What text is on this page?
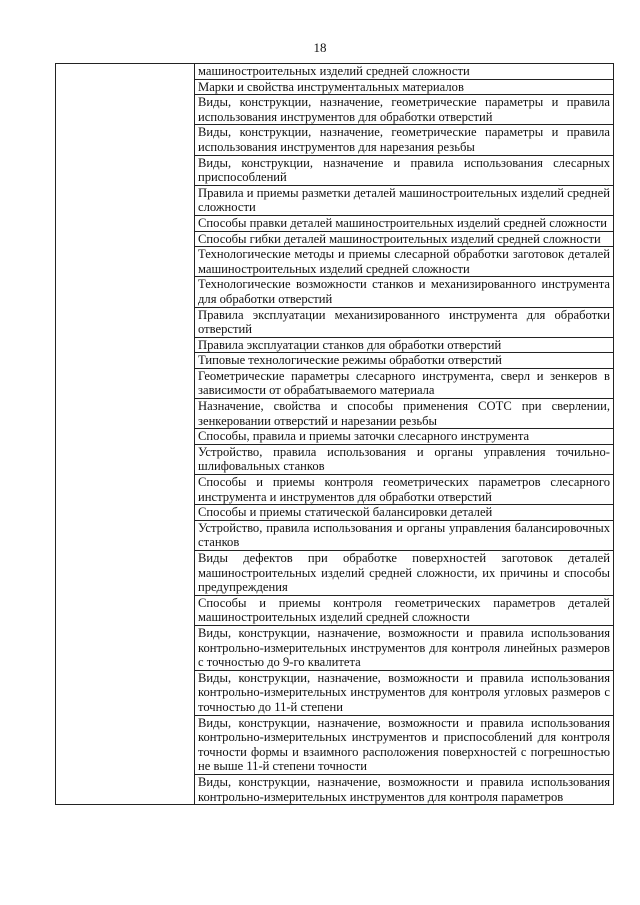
18
	машиностроительных изделий средней сложности
Марки и свойства инструментальных материалов
Виды, конструкции, назначение, геометрические параметры и правила использования инструментов для обработки отверстий
Виды, конструкции, назначение, геометрические параметры и правила использования инструментов для нарезания резьбы
Виды, конструкции, назначение и правила использования слесарных приспособлений
Правила и приемы разметки деталей машиностроительных изделий средней сложности
Способы правки деталей машиностроительных изделий средней сложности
Способы гибки деталей машиностроительных изделий средней сложности
Технологические методы и приемы слесарной обработки заготовок деталей машиностроительных изделий средней сложности
Технологические возможности станков и механизированного инструмента для обработки отверстий
Правила эксплуатации механизированного инструмента для обработки отверстий
Правила эксплуатации станков для обработки отверстий
Типовые технологические режимы обработки отверстий
Геометрические параметры слесарного инструмента, сверл и зенкеров в зависимости от обрабатываемого материала
Назначение, свойства и способы применения СОТС при сверлении, зенкеровании отверстий и нарезании резьбы
Способы, правила и приемы заточки слесарного инструмента
Устройство, правила использования и органы управления точильно-шлифовальных станков
Способы и приемы контроля геометрических параметров слесарного инструмента и инструментов для обработки отверстий
Способы и приемы статической балансировки деталей
Устройство, правила использования и органы управления балансировочных станков
Виды дефектов при обработке поверхностей заготовок деталей машиностроительных изделий средней сложности, их причины и способы предупреждения
Способы и приемы контроля геометрических параметров деталей машиностроительных изделий средней сложности
Виды, конструкции, назначение, возможности и правила использования контрольно-измерительных инструментов для контроля линейных размеров с точностью до 9-го квалитета
Виды, конструкции, назначение, возможности и правила использования контрольно-измерительных инструментов для контроля угловых размеров с точностью до 11-й степени
Виды, конструкции, назначение, возможности и правила использования контрольно-измерительных инструментов и приспособлений для контроля точности формы и взаимного расположения поверхностей с погрешностью не выше 11-й степени точности
Виды, конструкции, назначение, возможности и правила использования контрольно-измерительных инструментов для контроля параметров
